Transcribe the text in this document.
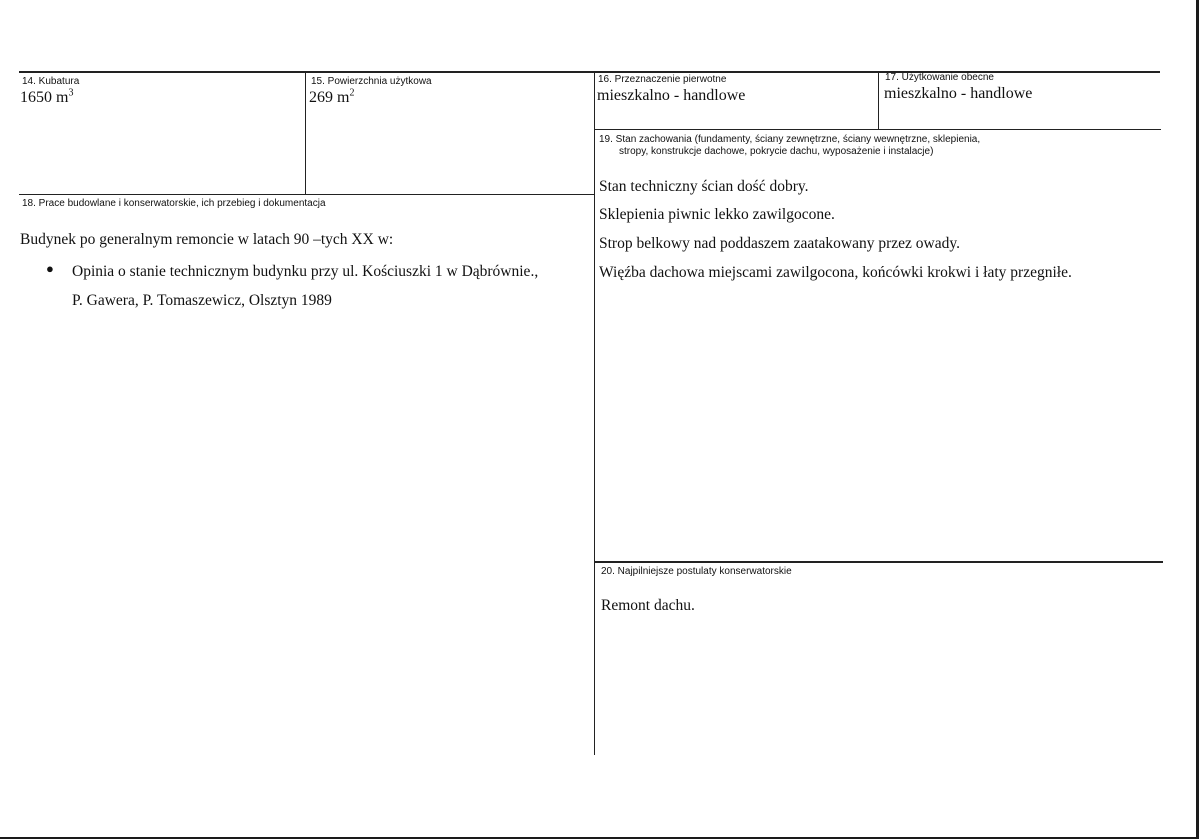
14. Kubatura
1650 $m^3$
15. Powierzchnia użytkowa
269 $m^2$
16. Przeznaczenie pierwotne
mieszkalno - handlowe
17. Użytkowanie obecne
mieszkalno - handlowe
19. Stan zachowania (fundamenty, ściany zewnętrzne, ściany wewnętrzne, sklepienia,
stropy, konstrukcje dachowe, pokrycie dachu, wyposażenie i instalacje)
Stan techniczny ścian dość dobry.
Sklepienia piwnic lekko zawilgocone.
Strop belkowy nad poddaszem zaatakowany przez owady.
Więźba dachowa miejscami zawilgocona, końcówki krokwi i łaty przegniłe.
18. Prace budowlane i konserwatorskie, ich przebieg i dokumentacja
Budynek po generalnym remoncie w latach 90 –tych XX w:
● Opinia o stanie technicznym budynku przy ul. Kościuszki 1 w Dąbrównie.,
P. Gawera, P. Tomaszewicz, Olsztyn 1989
20. Najpilniejsze postulaty konserwatorskie
Remont dachu.
